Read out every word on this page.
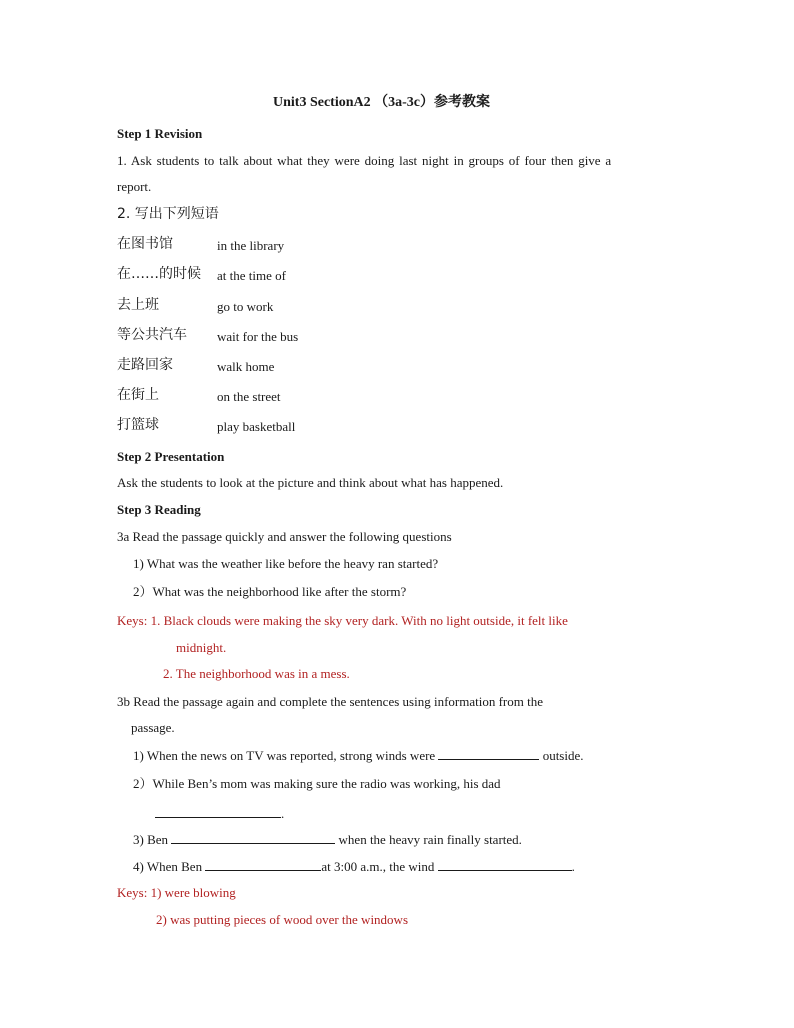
Unit3 SectionA2 （3a-3c）参考教案
Step 1 Revision
1. Ask students to talk about what they were doing last night in groups of four then give a
report.
2. 写出下列短语
在图书馆	in the library
在……的时候 at the time of
去上班	go to work
等公共汽车 wait for the bus
走路回家	walk home
在街上	on the street
打篮球	play basketball
Step 2 Presentation
Ask the students to look at the picture and think about what has happened.
Step 3 Reading
3a Read the passage quickly and answer the following questions
1) What was the weather like before the heavy ran started?
2）What was the neighborhood like after the storm?
Keys: 1. Black clouds were making the sky very dark. With no light outside, it felt like
midnight.
2. The neighborhood was in a mess.
3b Read the passage again and complete the sentences using information from the
passage.
1) When the news on TV was reported, strong winds were	outside.
2）While Ben’s mom was making sure the radio was working, his dad
.
3) Ben	when the heavy rain finally started.
4) When Ben	at 3:00 a.m., the wind	.
Keys: 1) were blowing
2) was putting pieces of wood over the windows
